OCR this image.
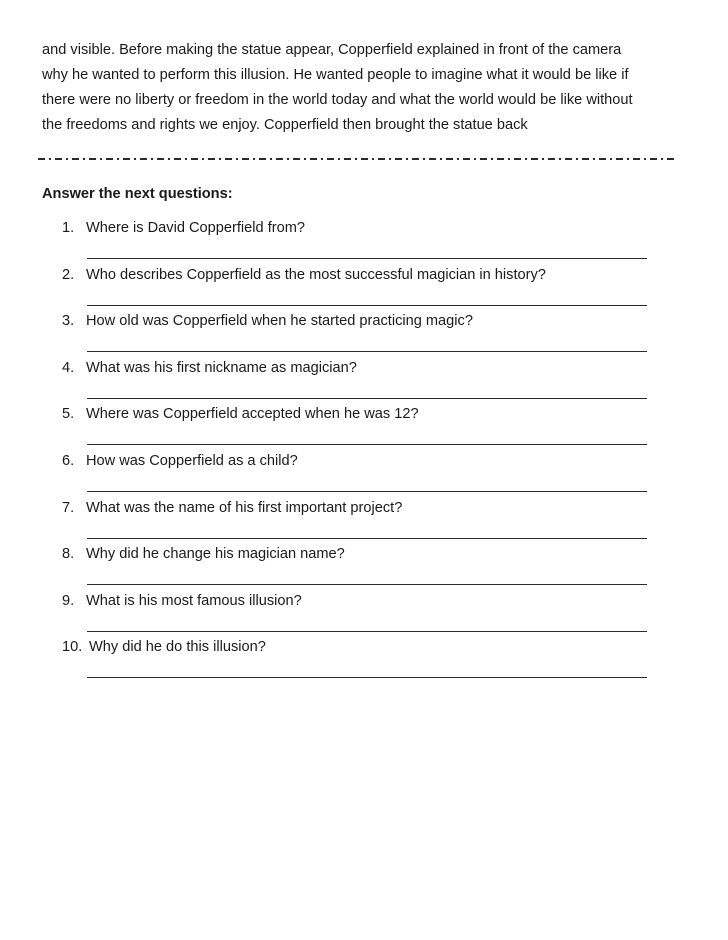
and visible. Before making the statue appear, Copperfield explained in front of the camera
why he wanted to perform this illusion. He wanted people to imagine what it would be like if
there were no liberty or freedom in the world today and what the world would be like without
the freedoms and rights we enjoy. Copperfield then brought the statue back
Answer the next questions:
1. Where is David Copperfield from?
2. Who describes Copperfield as the most successful magician in history?
3. How old was Copperfield when he started practicing magic?
4. What was his first nickname as magician?
5. Where was Copperfield accepted when he was 12?
6. How was Copperfield as a child?
7. What was the name of his first important project?
8. Why did he change his magician name?
9. What is his most famous illusion?
10. Why did he do this illusion?
